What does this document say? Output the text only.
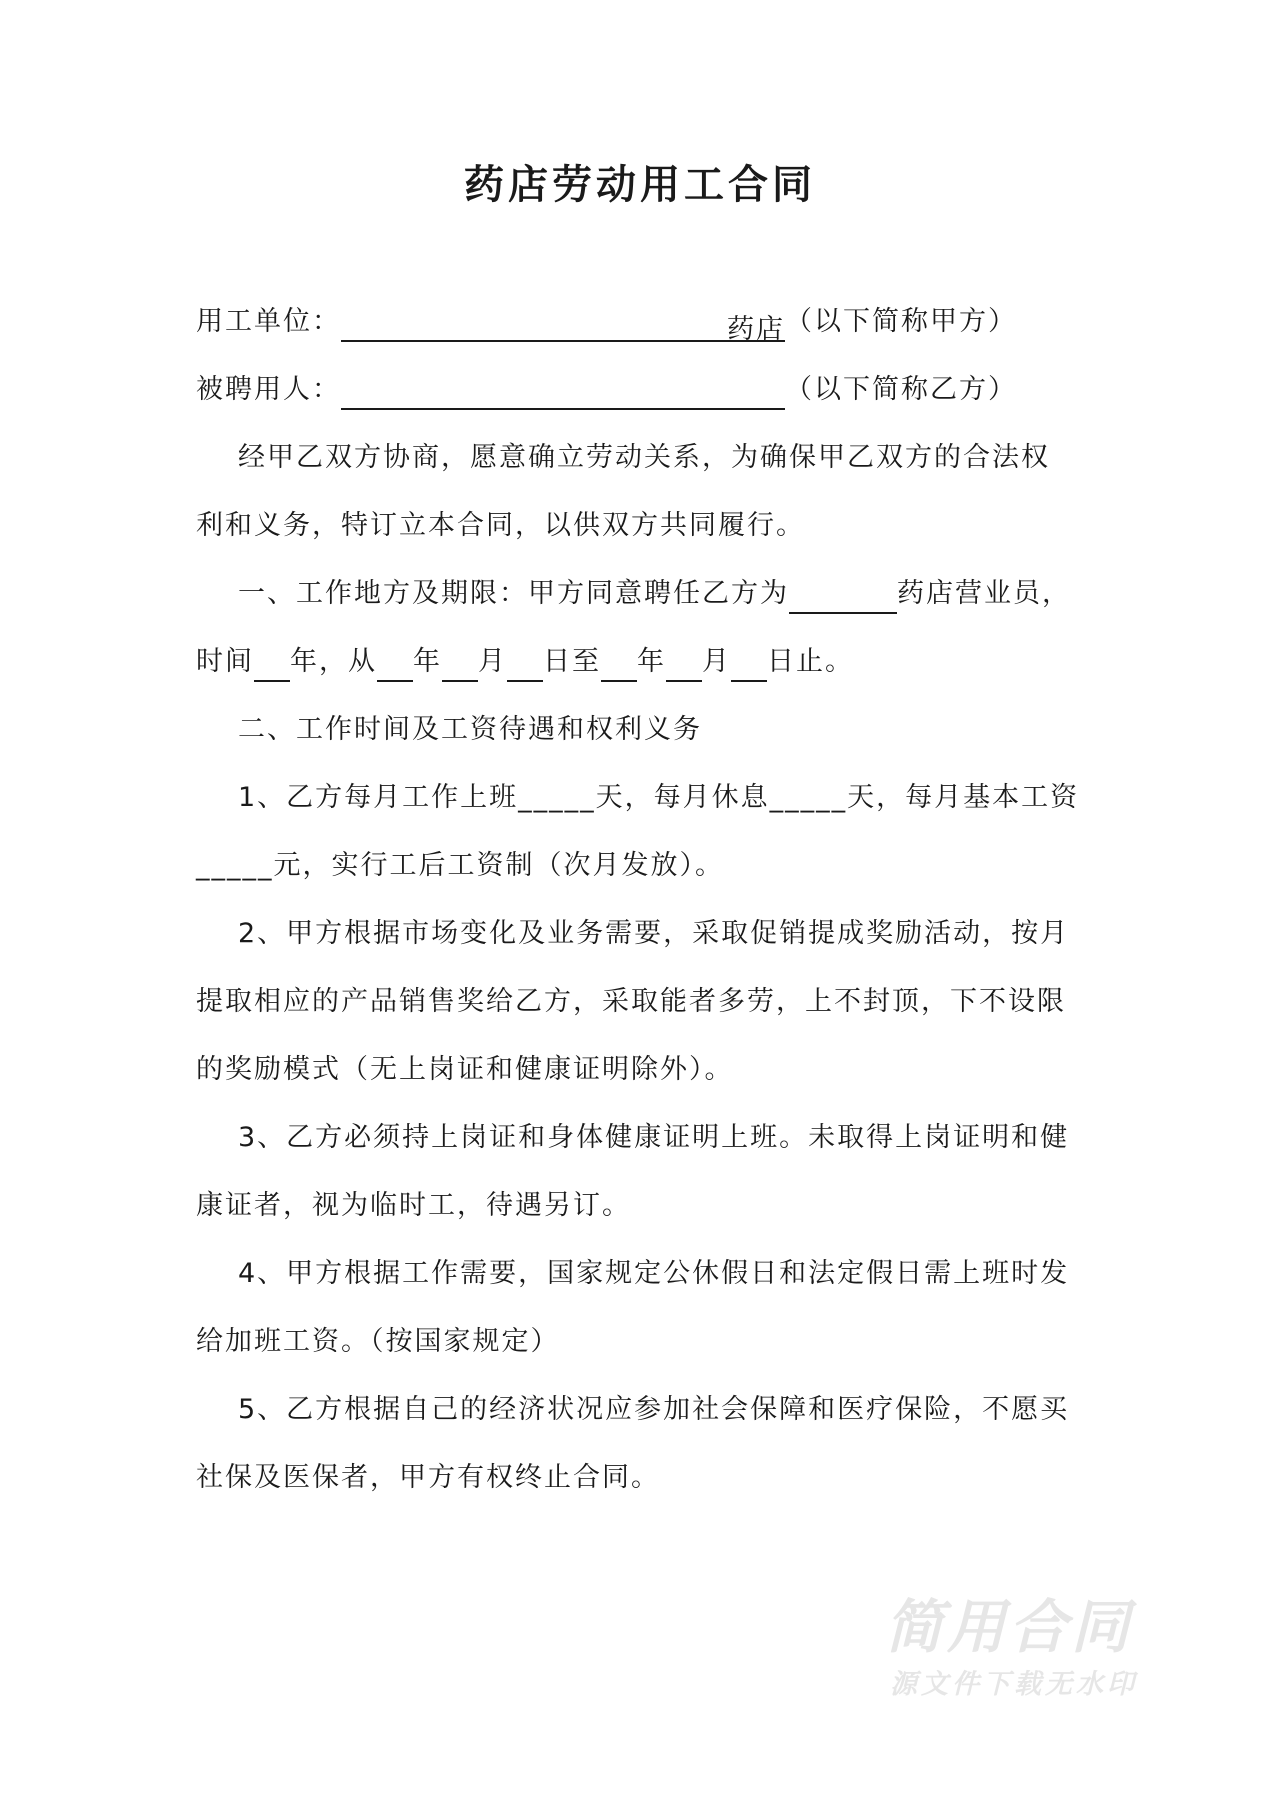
药店劳动用工合同
用工单位：	药店（以下简称甲方）
被聘用人：	（以下简称乙方）
经甲乙双方协商，愿意确立劳动关系，为确保甲乙双方的合法权
利和义务，特订立本合同，以供双方共同履行。
一、工作地方及期限：甲方同意聘任乙方为	药店营业员，
时间 年，从 年 月 日至 年 月 日止。
二、工作时间及工资待遇和权利义务
1、乙方每月工作上班_____天，每月休息_____天，每月基本工资
_____元，实行工后工资制（次月发放）。
2、甲方根据市场变化及业务需要，采取促销提成奖励活动，按月
提取相应的产品销售奖给乙方，采取能者多劳，上不封顶，下不设限
的奖励模式（无上岗证和健康证明除外）。
3、乙方必须持上岗证和身体健康证明上班。未取得上岗证明和健
康证者，视为临时工，待遇另订。
4、甲方根据工作需要，国家规定公休假日和法定假日需上班时发
给加班工资。（按国家规定）
5、乙方根据自己的经济状况应参加社会保障和医疗保险，不愿买
社保及医保者，甲方有权终止合同。
简用合同
源文件下载无水印
